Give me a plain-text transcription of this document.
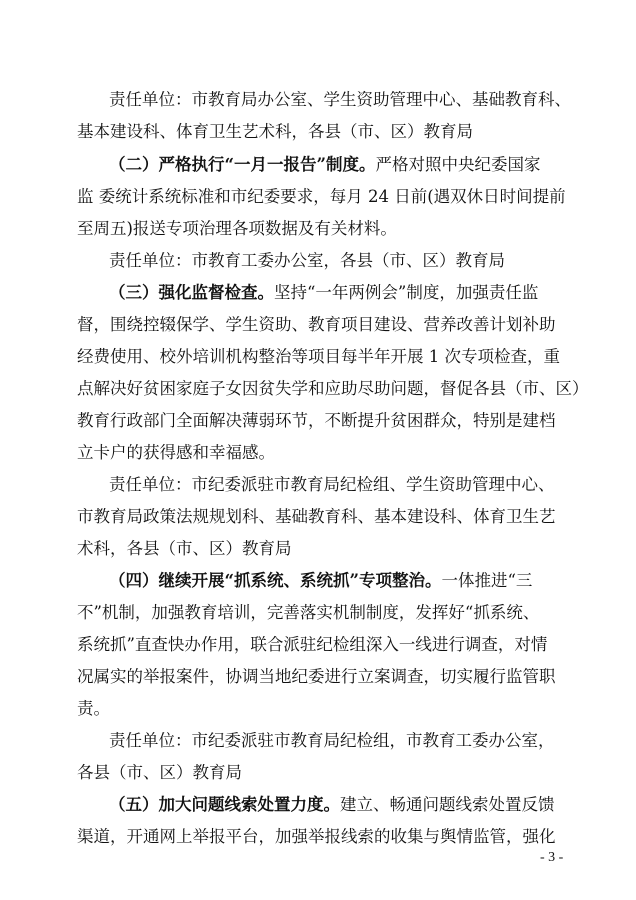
责任单位：市教育局办公室、学生资助管理中心、基础教育科、
基本建设科、体育卫生艺术科，各县（市、区）教育局
（二）严格执行“一月一报告”制度。严格对照中央纪委国家
监 委统计系统标准和市纪委要求，每月 24 日前(遇双休日时间提前
至周五)报送专项治理各项数据及有关材料。
责任单位：市教育工委办公室，各县（市、区）教育局
（三）强化监督检查。坚持“一年两例会”制度，加强责任监
督，围绕控辍保学、学生资助、教育项目建设、营养改善计划补助
经费使用、校外培训机构整治等项目每半年开展 1 次专项检查，重
点解决好贫困家庭子女因贫失学和应助尽助问题，督促各县（市、区）
教育行政部门全面解决薄弱环节，不断提升贫困群众，特别是建档
立卡户的获得感和幸福感。
责任单位：市纪委派驻市教育局纪检组、学生资助管理中心、
市教育局政策法规规划科、基础教育科、基本建设科、体育卫生艺
术科，各县（市、区）教育局
（四）继续开展“抓系统、系统抓”专项整治。一体推进“三
不”机制，加强教育培训，完善落实机制制度，发挥好“抓系统、
系统抓”直查快办作用，联合派驻纪检组深入一线进行调查，对情
况属实的举报案件，协调当地纪委进行立案调查，切实履行监管职
责。
责任单位：市纪委派驻市教育局纪检组，市教育工委办公室，
各县（市、区）教育局
（五）加大问题线索处置力度。建立、畅通问题线索处置反馈
渠道，开通网上举报平台，加强举报线索的收集与舆情监管，强化
- 3 -
